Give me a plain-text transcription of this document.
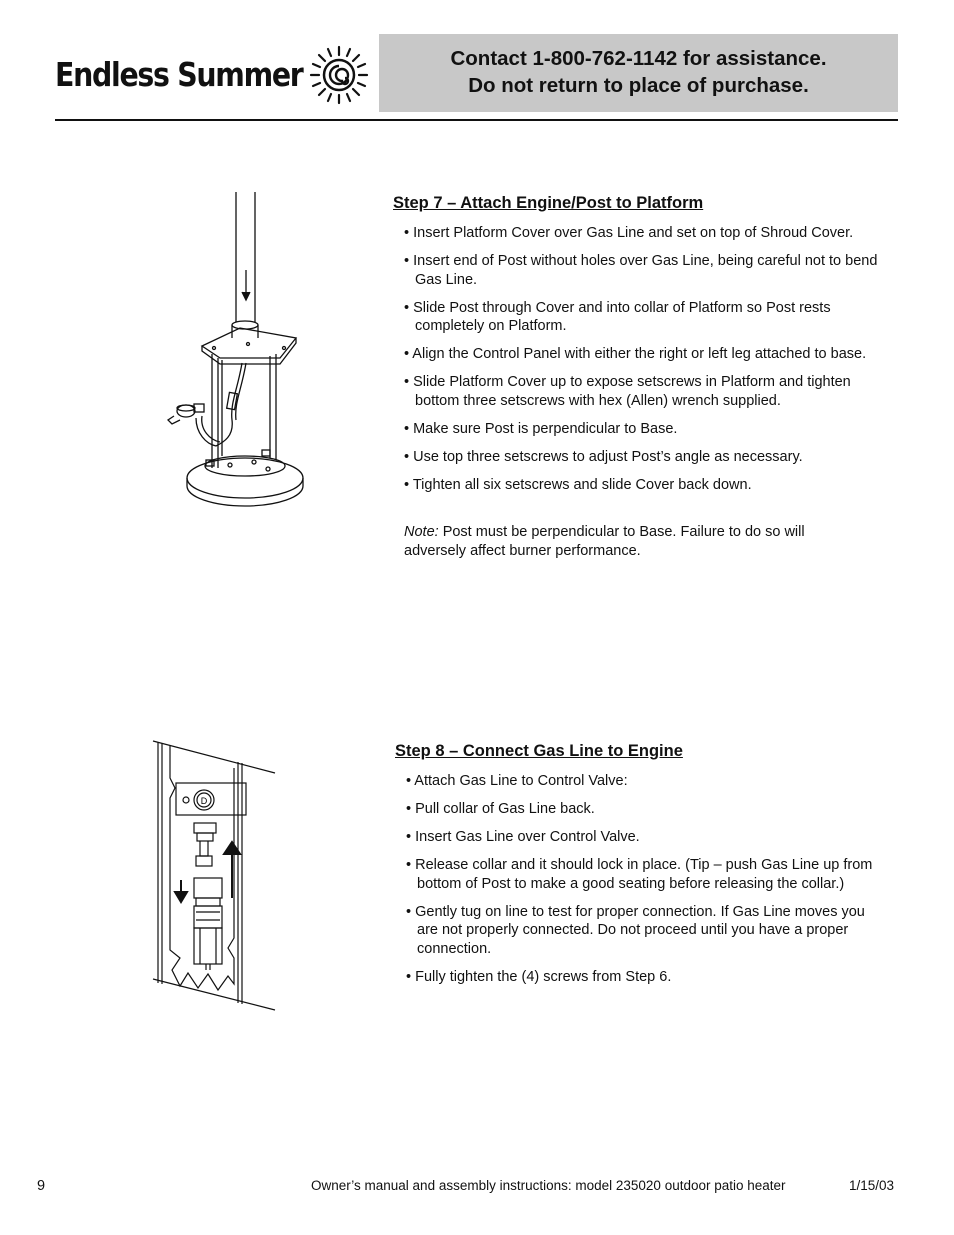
Endless Summer	Contact 1-800-762-1142 for assistance.
Do not return to place of purchase.
Step 7 – Attach Engine/Post to Platform
• Insert Platform Cover over Gas Line and set on top of Shroud Cover.
• Insert end of Post without holes over Gas Line, being careful not to bend Gas Line.
• Slide Post through Cover and into collar of Platform so Post rests completely on Platform.
• Align the Control Panel with either the right or left leg attached to base.
• Slide Platform Cover up to expose setscrews in Platform and tighten bottom three setscrews with hex (Allen) wrench supplied.
• Make sure Post is perpendicular to Base.
• Use top three setscrews to adjust Post’s angle as necessary.
• Tighten all six setscrews and slide Cover back down.
Note: Post must be perpendicular to Base. Failure to do so will adversely affect burner performance.
D
Step 8 – Connect Gas Line to Engine
• Attach Gas Line to Control Valve:
• Pull collar of Gas Line back.
• Insert Gas Line over Control Valve.
• Release collar and it should lock in place. (Tip – push Gas Line up from bottom of Post to make a good seating before releasing the collar.)
• Gently tug on line to test for proper connection. If Gas Line moves you are not properly connected. Do not proceed until you have a proper connection.
• Fully tighten the (4) screws from Step 6.
9	Owner’s manual and assembly instructions: model 235020 outdoor patio heater	1/15/03
